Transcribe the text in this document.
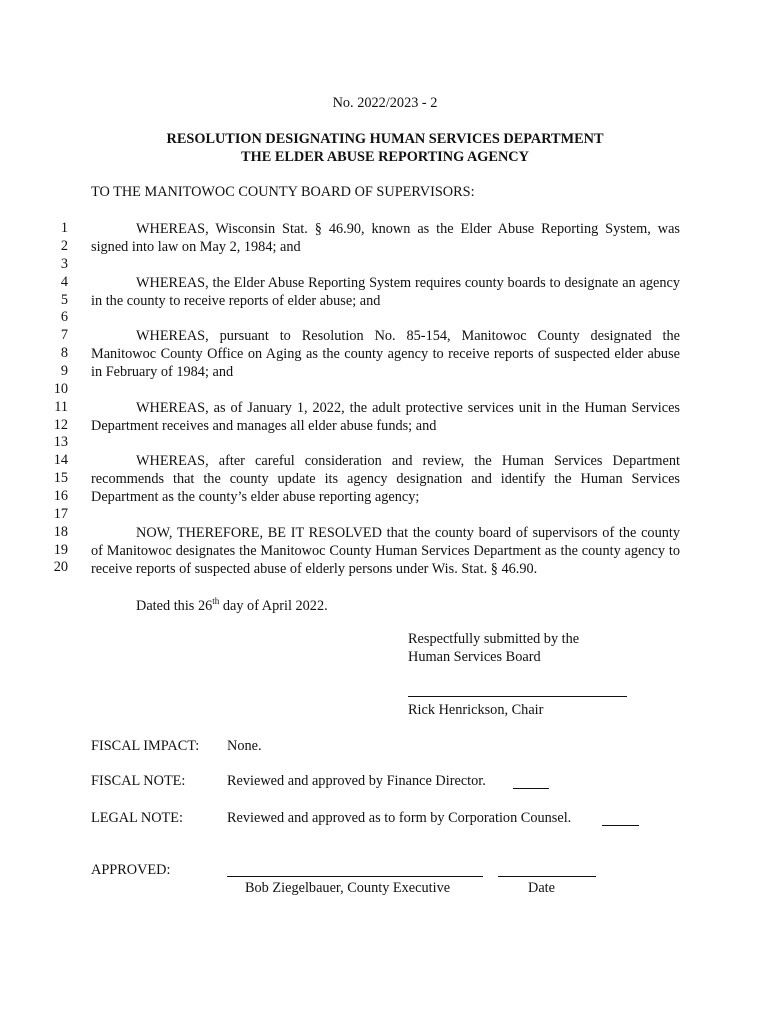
No. 2022/2023 - 2
RESOLUTION DESIGNATING HUMAN SERVICES DEPARTMENT
THE ELDER ABUSE REPORTING AGENCY
TO THE MANITOWOC COUNTY BOARD OF SUPERVISORS:
1
2
3
4
5
6
7
8
9
10
11
12
13
14
15
16
17
18
19
20
WHEREAS, Wisconsin Stat. § 46.90, known as the Elder Abuse Reporting System, was signed into law on May 2, 1984; and
WHEREAS, the Elder Abuse Reporting System requires county boards to designate an agency in the county to receive reports of elder abuse; and
WHEREAS, pursuant to Resolution No. 85-154, Manitowoc County designated the Manitowoc County Office on Aging as the county agency to receive reports of suspected elder abuse in February of 1984; and
WHEREAS, as of January 1, 2022, the adult protective services unit in the Human Services Department receives and manages all elder abuse funds; and
WHEREAS, after careful consideration and review, the Human Services Department recommends that the county update its agency designation and identify the Human Services Department as the county’s elder abuse reporting agency;
NOW, THEREFORE, BE IT RESOLVED that the county board of supervisors of the county of Manitowoc designates the Manitowoc County Human Services Department as the county agency to receive reports of suspected abuse of elderly persons under Wis. Stat. § 46.90.
Dated this 26th day of April 2022.
Respectfully submitted by the
Human Services Board
Rick Henrickson, Chair
FISCAL IMPACT: None.
FISCAL NOTE:	Reviewed and approved by Finance Director.
LEGAL NOTE:	Reviewed and approved as to form by Corporation Counsel.
APPROVED:
Bob Ziegelbauer, County Executive	Date
